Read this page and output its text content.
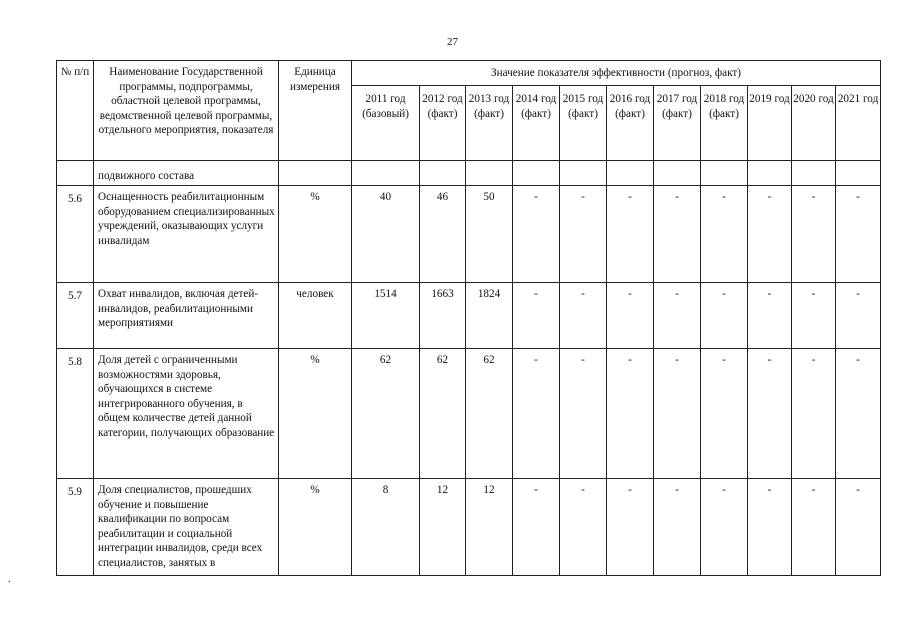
27
№ п/п	Наименование Государственной программы, подпрограммы, областной целевой программы, ведомственной целевой программы, отдельного мероприятия, показателя	Единица измерения	Значение показателя эффективности (прогноз, факт)										
			2011 год (базовый)	2012 год (факт)	2013 год (факт)	2014 год (факт)	2015 год (факт)	2016 год (факт)	2017 год (факт)	2018 год (факт)	2019 год	2020 год	2021 год
	подвижного состава												
5.6	Оснащенность реабилитационным оборудованием специализированных учреждений, оказывающих услуги инвалидам	%	40	46	50	-	-	-	-	-	-	-	-
5.7	Охват инвалидов, включая детей-инвалидов, реабилитационными мероприятиями	человек	1514	1663	1824	-	-	-	-	-	-	-	-
5.8	Доля детей с ограниченными возможностями здоровья, обучающихся в системе интегрированного обучения, в общем количестве детей данной категории, получающих образование	%	62	62	62	-	-	-	-	-	-	-	-
5.9	Доля специалистов, прошедших обучение и повышение квалификации по вопросам реабилитации и социальной интеграции инвалидов, среди всех специалистов, занятых в	%	8	12	12	-	-	-	-	-	-	-	-
.
